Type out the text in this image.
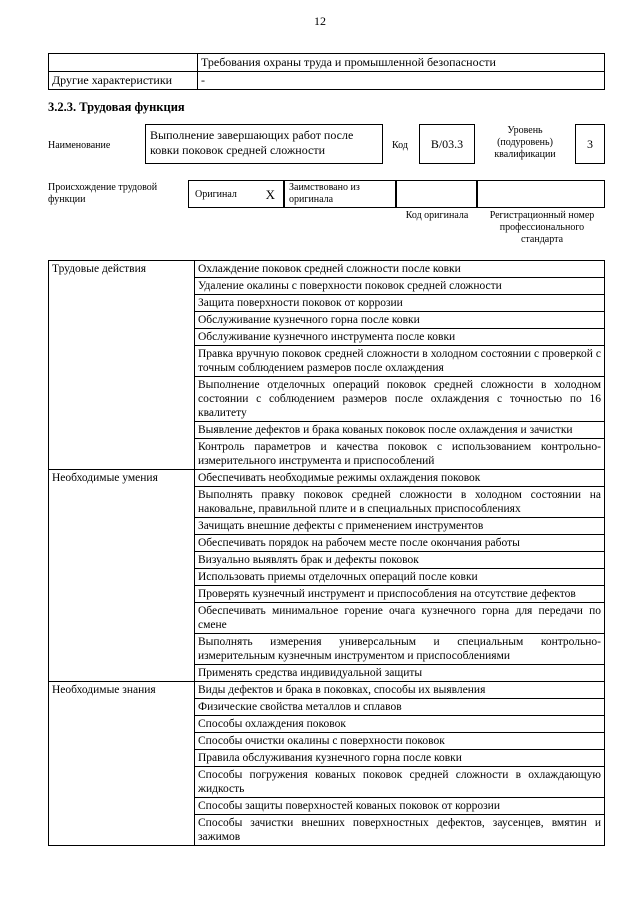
12
	Требования охраны труда и промышленной безопасности
Другие характеристики	-
3.2.3. Трудовая функция
Наименование
Выполнение завершающих работ после ковки поковок средней сложности	Код	B/03.3
Уровень (подуровень) квалификации
3
Происхождение трудовой функции	Оригинал X	Заимствовано из оригинала
Код оригинала	Регистрационный номер профессионального стандарта
Трудовые действия	Охлаждение поковок средней сложности после ковки
	Удаление окалины с поверхности поковок средней сложности
	Защита поверхности поковок от коррозии
	Обслуживание кузнечного горна после ковки
	Обслуживание кузнечного инструмента после ковки
	Правка вручную поковок средней сложности в холодном состоянии с проверкой с точным соблюдением размеров после охлаждения
	Выполнение отделочных операций поковок средней сложности в холодном состоянии с соблюдением размеров после охлаждения с точностью по 16 квалитету
	Выявление дефектов и брака кованых поковок после охлаждения и зачистки
	Контроль параметров и качества поковок с использованием контрольно-измерительного инструмента и приспособлений
Необходимые умения	Обеспечивать необходимые режимы охлаждения поковок
	Выполнять правку поковок средней сложности в холодном состоянии на наковальне, правильной плите и в специальных приспособлениях
	Зачищать внешние дефекты с применением инструментов
	Обеспечивать порядок на рабочем месте после окончания работы
	Визуально выявлять брак и дефекты поковок
	Использовать приемы отделочных операций после ковки
	Проверять кузнечный инструмент и приспособления на отсутствие дефектов
	Обеспечивать минимальное горение очага кузнечного горна для передачи по смене
	Выполнять измерения универсальным и специальным контрольно-измерительным кузнечным инструментом и приспособлениями
	Применять средства индивидуальной защиты
Необходимые знания	Виды дефектов и брака в поковках, способы их выявления
	Физические свойства металлов и сплавов
	Способы охлаждения поковок
	Способы очистки окалины с поверхности поковок
	Правила обслуживания кузнечного горна после ковки
	Способы погружения кованых поковок средней сложности в охлаждающую жидкость
	Способы защиты поверхностей кованых поковок от коррозии
	Способы зачистки внешних поверхностных дефектов, заусенцев, вмятин и зажимов
